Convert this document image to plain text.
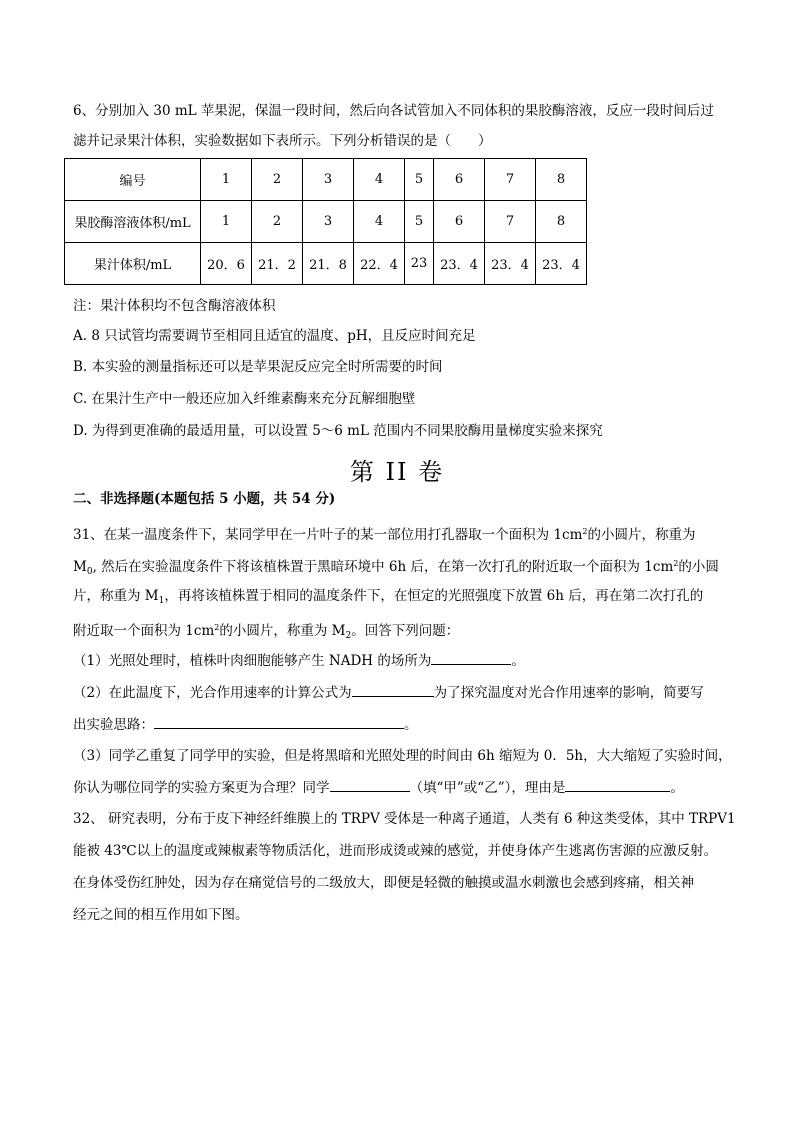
6、分别加入 30 mL 苹果泥，保温一段时间，然后向各试管加入不同体积的果胶酶溶液，反应一段时间后过
滤并记录果汁体积，实验数据如下表所示。下列分析错误的是（　　）
编号	1	2	3	4	5	6	7	8
果胶酶溶液体积/mL	1	2	3	4	5	6	7	8
果汁体积/mL	20．6	21．2	21．8	22．4	23	23．4	23．4	23．4
注：果汁体积均不包含酶溶液体积
A. 8 只试管均需要调节至相同且适宜的温度、pH，且反应时间充足
B. 本实验的测量指标还可以是苹果泥反应完全时所需要的时间
C. 在果汁生产中一般还应加入纤维素酶来充分瓦解细胞壁
D. 为得到更准确的最适用量，可以设置 5～6 mL 范围内不同果胶酶用量梯度实验来探究
第 II 卷
二、非选择题(本题包括 5 小题，共 54 分)
31、在某一温度条件下，某同学甲在一片叶子的某一部位用打孔器取一个面积为 $1cm^2$的小圆片，称重为
$M_0$, 然后在实验温度条件下将该植株置于黑暗环境中 6h 后，在第一次打孔的附近取一个面积为 $1cm^2$的小圆
片，称重为 $M_1$，再将该植株置于相同的温度条件下，在恒定的光照强度下放置 6h 后，再在第二次打孔的
附近取一个面积为 $1cm^2$的小圆片，称重为 $M_2$。回答下列问题：
（1）光照处理时，植株叶肉细胞能够产生 NADH 的场所为	。
（2）在此温度下，光合作用速率的计算公式为	为了探究温度对光合作用速率的影响，简要写
出实验思路：	。
（3）同学乙重复了同学甲的实验，但是将黑暗和光照处理的时间由 6h 缩短为 0．5h，大大缩短了实验时间，
你认为哪位同学的实验方案更为合理？同学	（填“甲”或“乙”），理由是	。
32、 研究表明，分布于皮下神经纤维膜上的 TRPV 受体是一种离子通道，人类有 6 种这类受体，其中 TRPV1
能被 43℃以上的温度或辣椒素等物质活化，进而形成烫或辣的感觉，并使身体产生逃离伤害源的应激反射。
在身体受伤红肿处，因为存在痛觉信号的二级放大，即便是轻微的触摸或温水刺激也会感到疼痛，相关神
经元之间的相互作用如下图。
